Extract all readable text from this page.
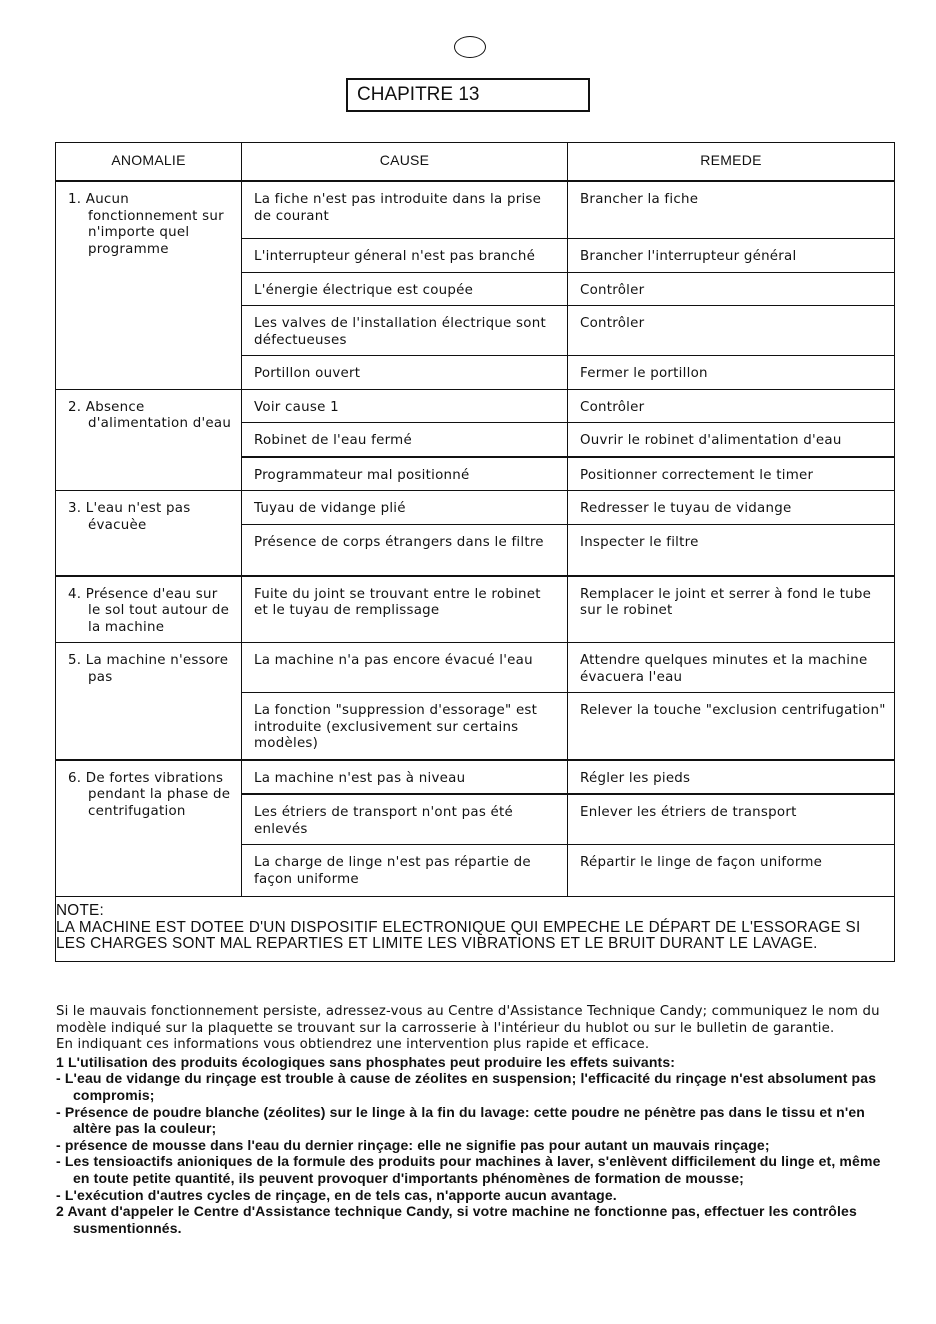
CHAPITRE 13
ANOMALIE	CAUSE	REMEDE

1. Aucun fonctionnement sur n'importe quel programme	La fiche n'est pas introduite dans la prise de courant	Brancher la fiche
	L'interrupteur géneral n'est pas branché	Brancher l'interrupteur général
	L'énergie électrique est coupée	Contrôler
	Les valves de l'installation électrique sont défectueuses	Contrôler
	Portillon ouvert	Fermer le portillon

2. Absence d'alimentation d'eau	Voir cause 1	Contrôler
	Robinet de l'eau fermé	Ouvrir le robinet d'alimentation d'eau
	Programmateur mal positionné	Positionner correctement le timer

3. L'eau n'est pas évacuèe	Tuyau de vidange plié	Redresser le tuyau de vidange
	Présence de corps étrangers dans le filtre	Inspecter le filtre

4. Présence d'eau sur le sol tout autour de la machine	Fuite du joint se trouvant entre le robinet et le tuyau de remplissage	Remplacer le joint et serrer à fond le tube sur le robinet

5. La machine n'essore pas	La machine n'a pas encore évacué l'eau	Attendre quelques minutes et la machine évacuera l'eau
	La fonction "suppression d'essorage" est introduite (exclusivement sur certains modèles)	Relever la touche "exclusion centrifugation"

6. De fortes vibrations pendant la phase de centrifugation	La machine n'est pas à niveau	Régler les pieds
	Les étriers de transport n'ont pas été enlevés	Enlever les étriers de transport
	La charge de linge n'est pas répartie de façon uniforme	Répartir le linge de façon uniforme

NOTE:
LA MACHINE EST DOTEE D'UN DISPOSITIF ELECTRONIQUE QUI EMPECHE LE DÉPART DE L'ESSORAGE SI LES CHARGES SONT MAL REPARTIES ET LIMITE LES VIBRATIONS ET LE BRUIT DURANT LE LAVAGE.		

Si le mauvais fonctionnement persiste, adressez-vous au Centre d'Assistance Technique Candy; communiquez le nom du modèle indiqué sur la plaquette se trouvant sur la carrosserie à l'intérieur du hublot ou sur le bulletin de garantie.

En indiquant ces informations vous obtiendrez une intervention plus rapide et efficace.

1 L'utilisation des produits écologiques sans phosphates peut produire les effets suivants:

- L'eau de vidange du rinçage est trouble à cause de zéolites en suspension; l'efficacité du rinçage n'est absolument pas compromis;

- Présence de poudre blanche (zéolites) sur le linge à la fin du lavage: cette poudre ne pénètre pas dans le tissu et n'en altère pas la couleur;

- présence de mousse dans l'eau du dernier rinçage: elle ne signifie pas pour autant un mauvais rinçage;

- Les tensioactifs anioniques de la formule des produits pour machines à laver, s'enlèvent difficilement du linge et, même en toute petite quantité, ils peuvent provoquer d'importants phénomènes de formation de mousse;

- L'exécution d'autres cycles de rinçage, en de tels cas, n'apporte aucun avantage.

2 Avant d'appeler le Centre d'Assistance technique Candy, si votre machine ne fonctionne pas, effectuer les contrôles susmentionnés.
